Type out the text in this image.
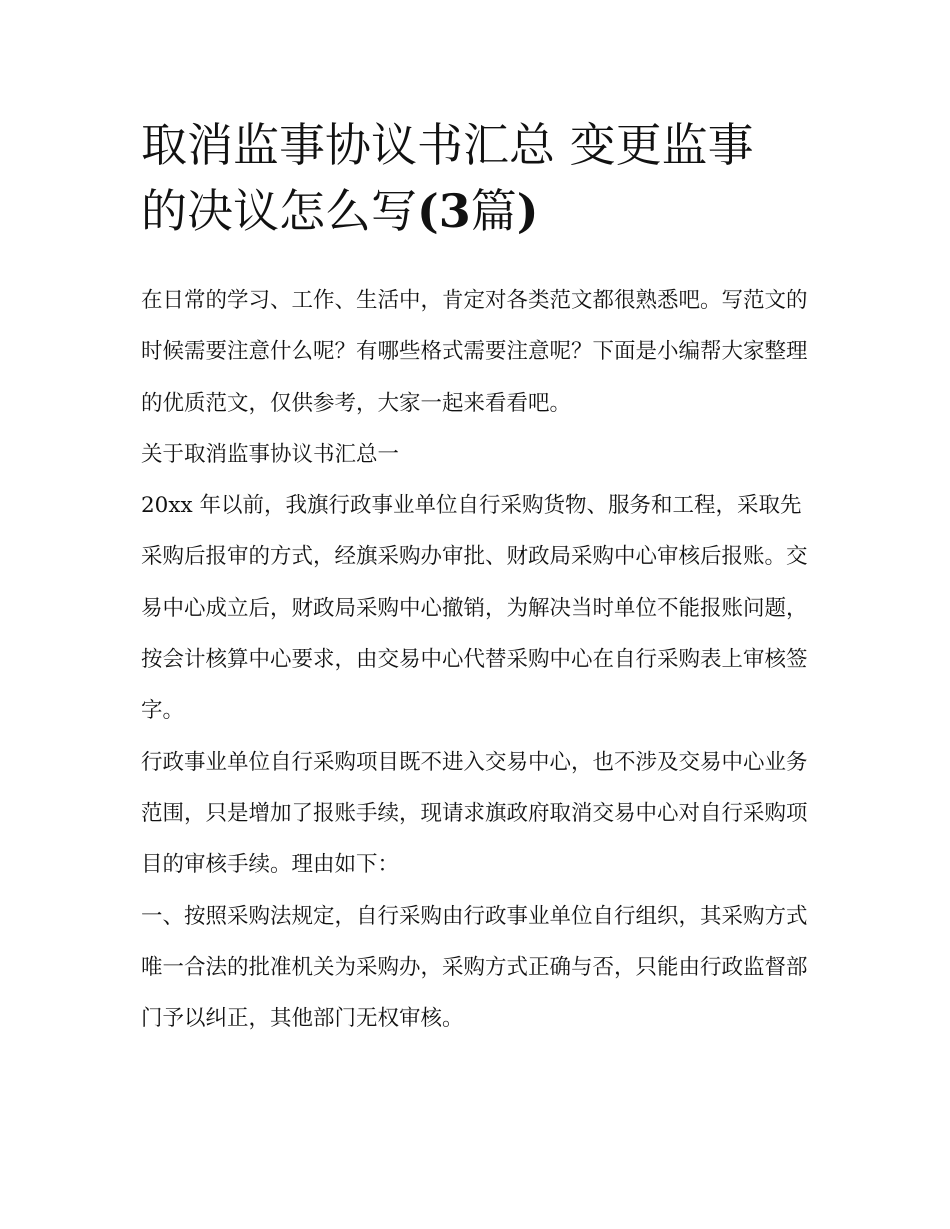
取消监事协议书汇总 变更监事
的决议怎么写(3篇)

在日常的学习、工作、生活中，肯定对各类范文都很熟悉吧。写范文的时候需要注意什么呢？有哪些格式需要注意呢？下面是小编帮大家整理的优质范文，仅供参考，大家一起来看看吧。

关于取消监事协议书汇总一

20xx 年以前，我旗行政事业单位自行采购货物、服务和工程，采取先采购后报审的方式，经旗采购办审批、财政局采购中心审核后报账。交易中心成立后，财政局采购中心撤销，为解决当时单位不能报账问题，按会计核算中心要求，由交易中心代替采购中心在自行采购表上审核签字。

行政事业单位自行采购项目既不进入交易中心，也不涉及交易中心业务范围，只是增加了报账手续，现请求旗政府取消交易中心对自行采购项目的审核手续。理由如下：

一、按照采购法规定，自行采购由行政事业单位自行组织，其采购方式唯一合法的批准机关为采购办，采购方式正确与否，只能由行政监督部门予以纠正，其他部门无权审核。
